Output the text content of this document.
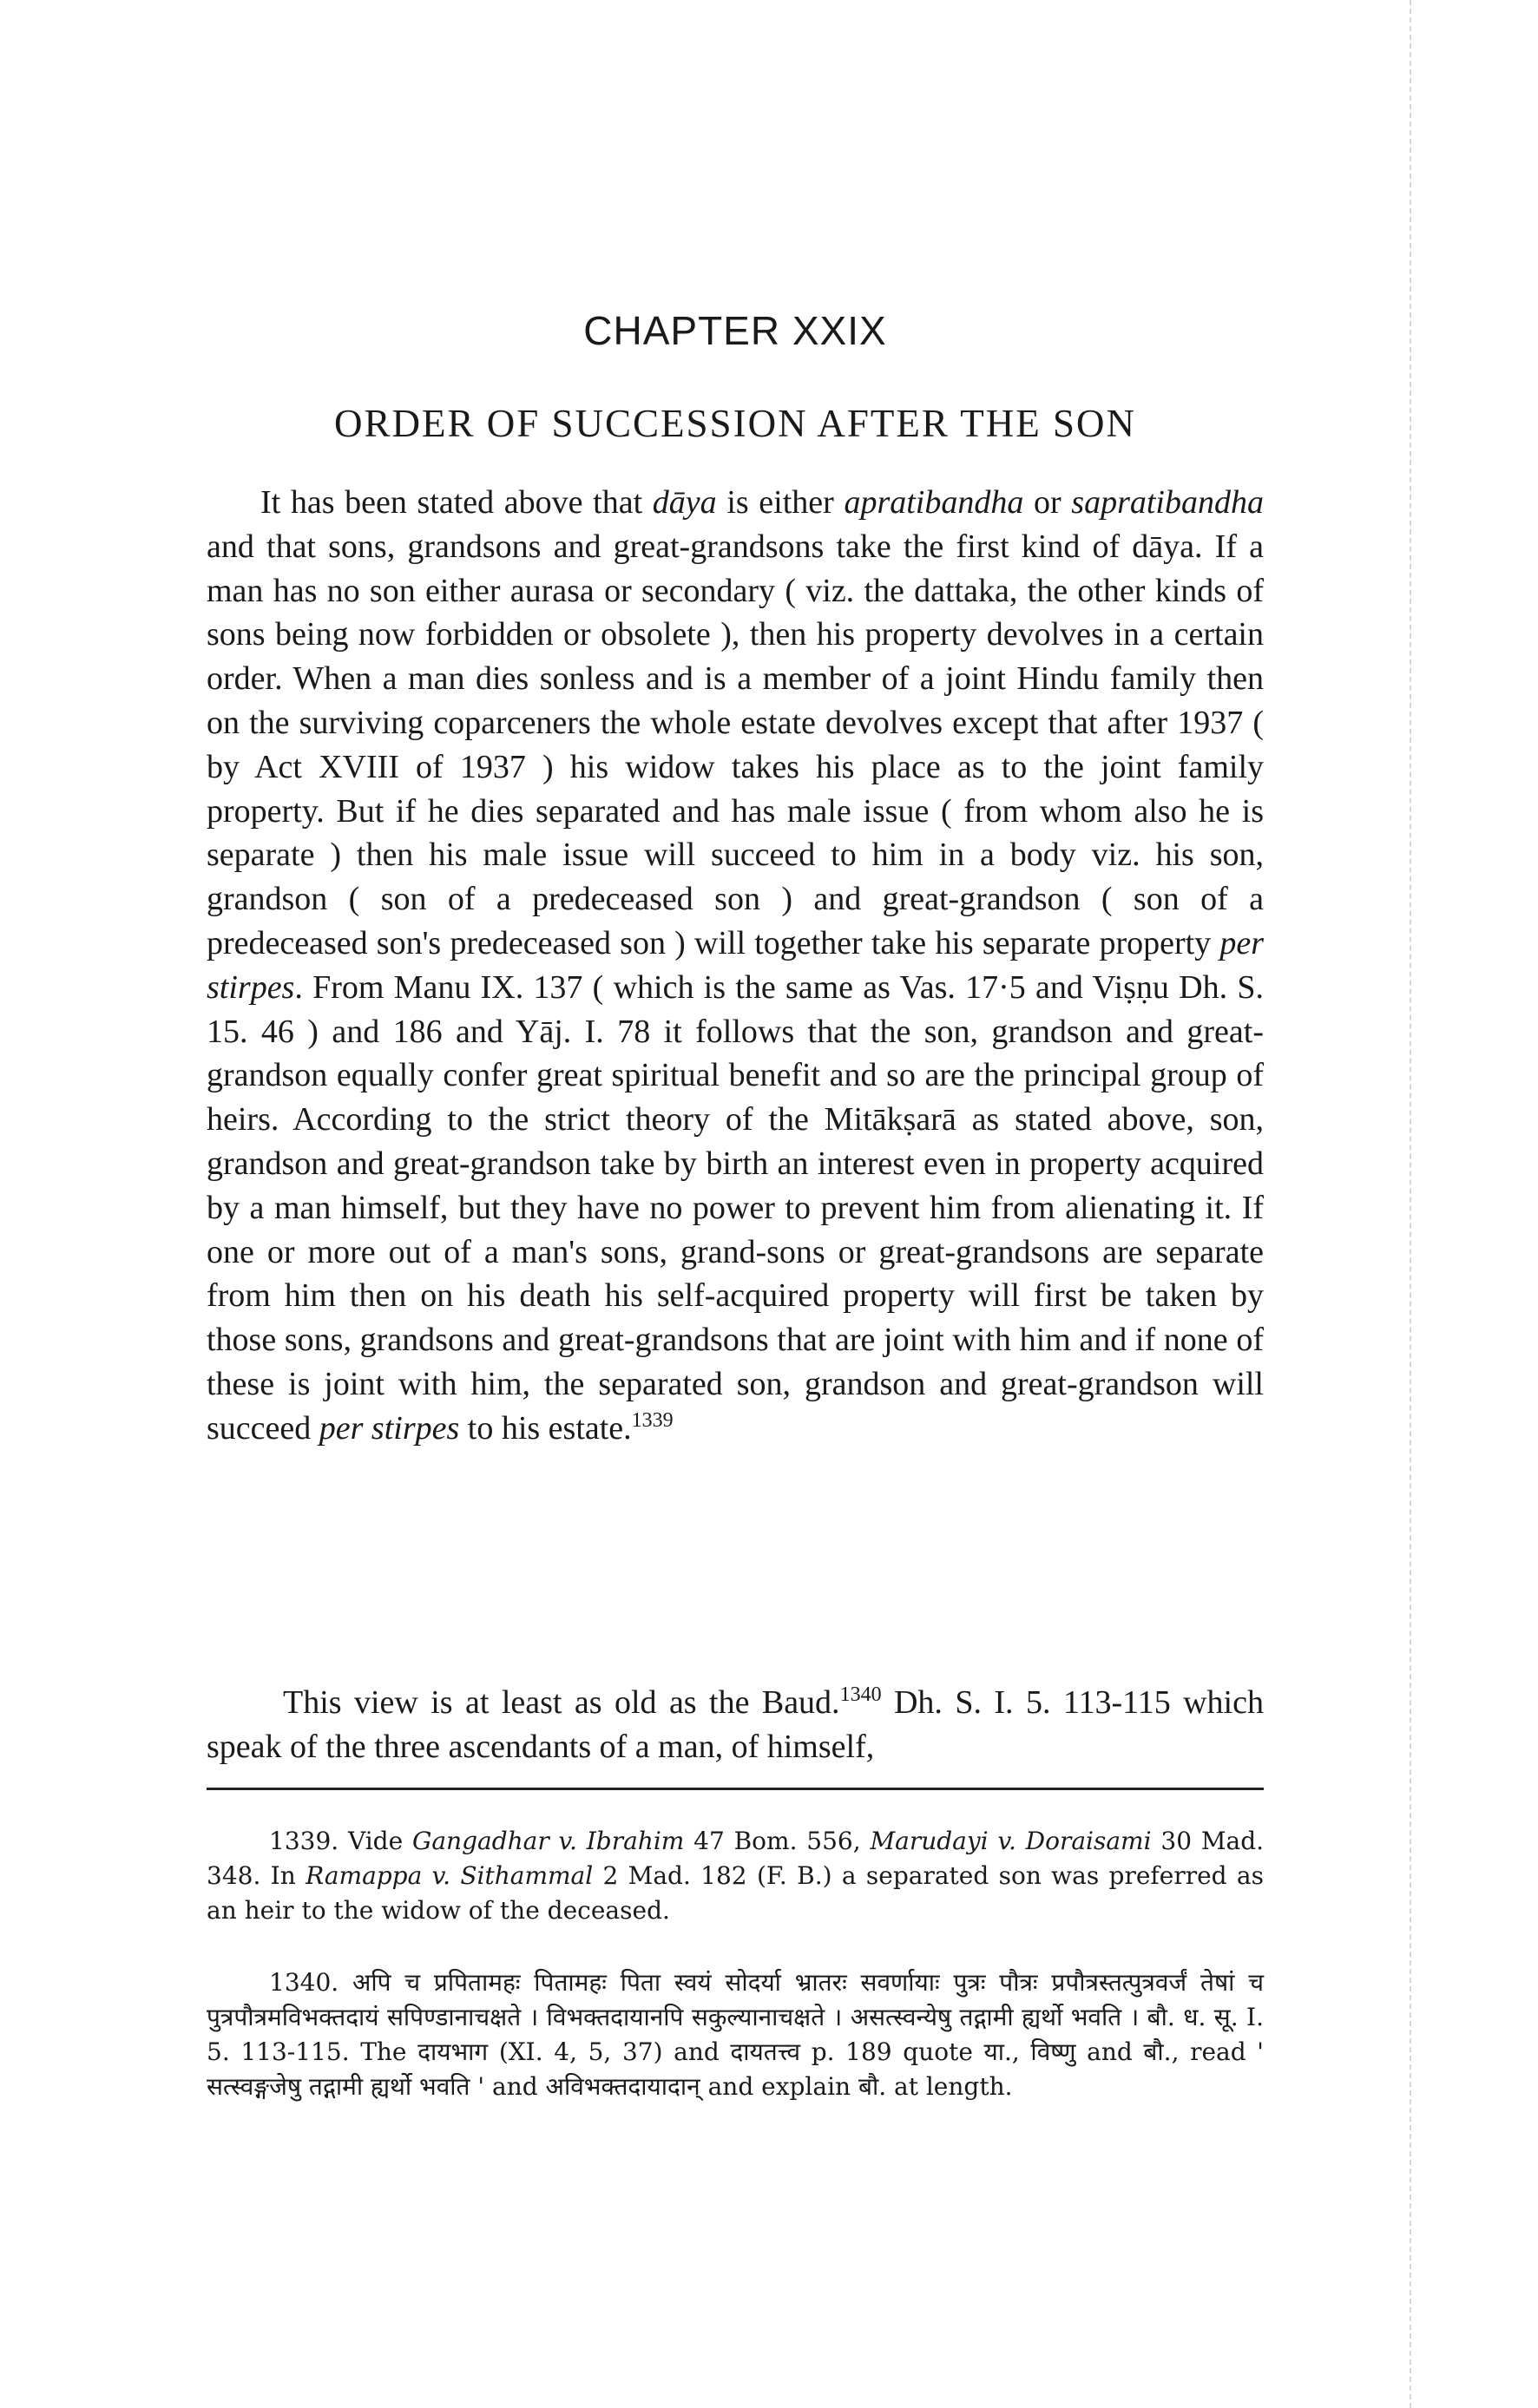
CHAPTER XXIX
ORDER OF SUCCESSION AFTER THE SON

It has been stated above that dāya is either apratibandha or sapratibandha and that sons, grandsons and great-grandsons take the first kind of dāya. If a man has no son either aurasa or secondary ( viz. the dattaka, the other kinds of sons being now forbidden or obsolete ), then his property devolves in a certain order. When a man dies sonless and is a member of a joint Hindu family then on the surviving coparceners the whole estate devolves except that after 1937 ( by Act XVIII of 1937 ) his widow takes his place as to the joint family property. But if he dies separated and has male issue ( from whom also he is separate ) then his male issue will succeed to him in a body viz. his son, grandson ( son of a predeceased son ) and great-grandson ( son of a predeceased son's predeceased son ) will together take his separate property per stirpes. From Manu IX. 137 ( which is the same as Vas. 17·5 and Viṣṇu Dh. S. 15. 46 ) and 186 and Yāj. I. 78 it follows that the son, grandson and great-grandson equally confer great spiritual benefit and so are the principal group of heirs. According to the strict theory of the Mitākṣarā as stated above, son, grandson and great-grandson take by birth an interest even in property acquired by a man himself, but they have no power to prevent him from alienating it. If one or more out of a man's sons, grand-sons or great-grandsons are separate from him then on his death his self-acquired property will first be taken by those sons, grandsons and great-grandsons that are joint with him and if none of these is joint with him, the separated son, grandson and great-grandson will succeed per stirpes to his estate.$^{1339}$

This view is at least as old as the Baud.$^{1340}$ Dh. S. I. 5. 113-115 which speak of the three ascendants of a man, of himself,

1339. Vide Gangadhar v. Ibrahim 47 Bom. 556, Marudayi v. Doraisami 30 Mad. 348. In Ramappa v. Sithammal 2 Mad. 182 (F. B.) a separated son was preferred as an heir to the widow of the deceased.

1340. अपि च प्रपितामहः पितामहः पिता स्वयं सोदर्या भ्रातरः सवर्णायाः पुत्रः पौत्रः प्रपौत्रस्तत्पुत्रवर्जं तेषां च पुत्रपौत्रमविभक्तदायं सपिण्डानाचक्षते । विभक्तदायानपि सकुल्यानाचक्षते । असत्स्वन्येषु तद्गामी ह्यर्थो भवति । बौ. ध. सू. I. 5. 113-115. The दायभाग (XI. 4, 5, 37) and दायतत्त्व p. 189 quote या., विष्णु and बौ., read ' सत्स्वङ्गजेषु तद्गामी ह्यर्थो भवति ' and अविभक्तदायादान् and explain बौ. at length.
